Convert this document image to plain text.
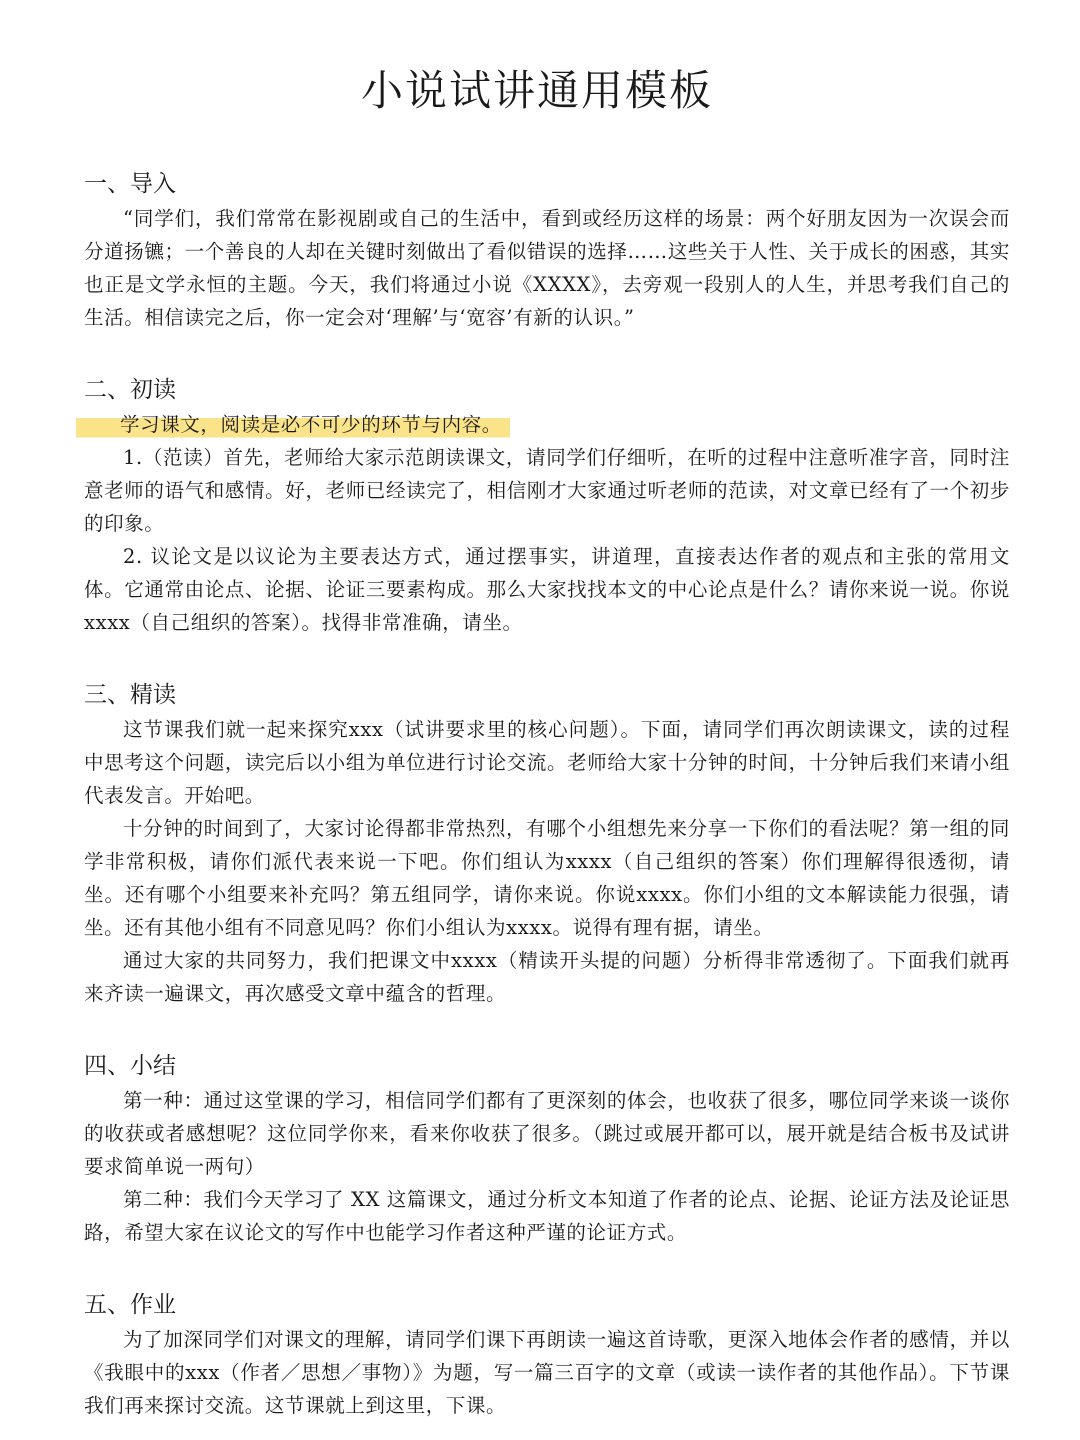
小说试讲通用模板
一、导入

“同学们，我们常常在影视剧或自己的生活中，看到或经历这样的场景：两个好朋友因为一次误会而分道扬镳；一个善良的人却在关键时刻做出了看似错误的选择……这些关于人性、关于成长的困惑，其实也正是文学永恒的主题。今天，我们将通过小说《XXXX》，去旁观一段别人的人生，并思考我们自己的生活。相信读完之后，你一定会对‘理解’与‘宽容’有新的认识。”

二、初读
学习课文，阅读是必不可少的环节与内容。

1.（范读）首先，老师给大家示范朗读课文，请同学们仔细听，在听的过程中注意听准字音，同时注意老师的语气和感情。好，老师已经读完了，相信刚才大家通过听老师的范读，对文章已经有了一个初步的印象。

2. 议论文是以议论为主要表达方式，通过摆事实，讲道理，直接表达作者的观点和主张的常用文体。它通常由论点、论据、论证三要素构成。那么大家找找本文的中心论点是什么？请你来说一说。你说xxxx（自己组织的答案）。找得非常准确，请坐。

三、精读

这节课我们就一起来探究xxx（试讲要求里的核心问题）。下面，请同学们再次朗读课文，读的过程中思考这个问题，读完后以小组为单位进行讨论交流。老师给大家十分钟的时间，十分钟后我们来请小组代表发言。开始吧。

十分钟的时间到了，大家讨论得都非常热烈，有哪个小组想先来分享一下你们的看法呢？第一组的同学非常积极，请你们派代表来说一下吧。你们组认为xxxx（自己组织的答案）你们理解得很透彻，请坐。还有哪个小组要来补充吗？第五组同学，请你来说。你说xxxx。你们小组的文本解读能力很强，请坐。还有其他小组有不同意见吗？你们小组认为xxxx。说得有理有据，请坐。

通过大家的共同努力，我们把课文中xxxx（精读开头提的问题）分析得非常透彻了。下面我们就再来齐读一遍课文，再次感受文章中蕴含的哲理。

四、小结

第一种：通过这堂课的学习，相信同学们都有了更深刻的体会，也收获了很多，哪位同学来谈一谈你的收获或者感想呢？这位同学你来，看来你收获了很多。（跳过或展开都可以，展开就是结合板书及试讲要求简单说一两句）

第二种：我们今天学习了 XX 这篇课文，通过分析文本知道了作者的论点、论据、论证方法及论证思路，希望大家在议论文的写作中也能学习作者这种严谨的论证方式。

五、作业

为了加深同学们对课文的理解，请同学们课下再朗读一遍这首诗歌，更深入地体会作者的感情，并以《我眼中的xxx（作者／思想／事物）》为题，写一篇三百字的文章（或读一读作者的其他作品）。下节课我们再来探讨交流。这节课就上到这里，下课。
